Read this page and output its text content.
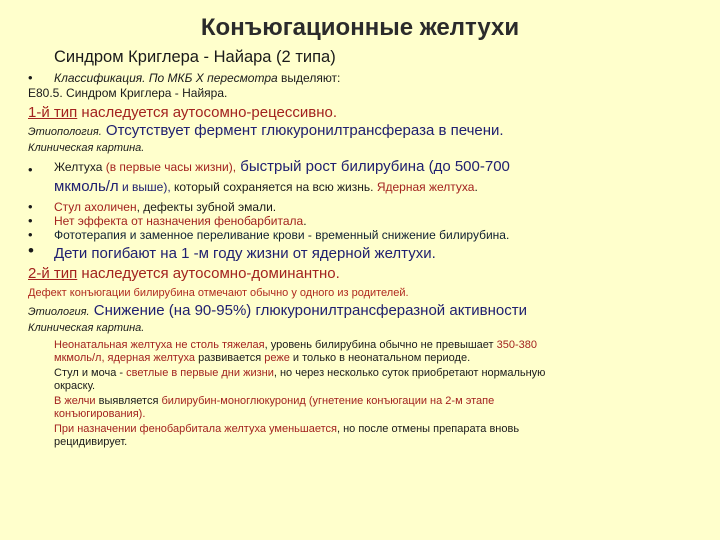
Конъюгационные желтухи
Синдром Криглера - Найара (2 типа)
• Классификация. По МКБ X пересмотра выделяют:
Е80.5. Синдром Криглера - Найяра.
1-й тип наследуется аутосомно-рецессивно.
Этиопология. Отсутствует фермент глюкуронилтрансфераза в печени.
Клиническая картина.
• Желтуха (в первые часы жизни), быстрый рост билирубина (до 500-700
мкмоль/л и выше), который сохраняется на всю жизнь. Ядерная желтуха.
• Стул ахоличен, дефекты зубной эмали.
• Нет эффекта от назначения фенобарбитала.
• Фототерапия и заменное переливание крови - временный снижение билирубина.
• Дети погибают на 1 -м году жизни от ядерной желтухи.
2-й тип наследуется аутосомно-доминантно.
Дефект конъюгации билирубина отмечают обычно у одного из родителей.
Этиология. Снижение (на 90-95%) глюкуронилтрансферазной активности
Клиническая картина.
Неонатальная желтуха не столь тяжелая, уровень билирубина обычно не превышает 350-380
мкмоль/л, ядерная желтуха развивается реже и только в неонатальном периоде.
Стул и моча - светлые в первые дни жизни, но через несколько суток приобретают нормальную
окраску.
В желчи выявляется билирубин-моноглюкуронид (угнетение конъюгации на 2-м этапе
конъюгирования).
При назначении фенобарбитала желтуха уменьшается, но после отмены препарата вновь
рецидивирует.
